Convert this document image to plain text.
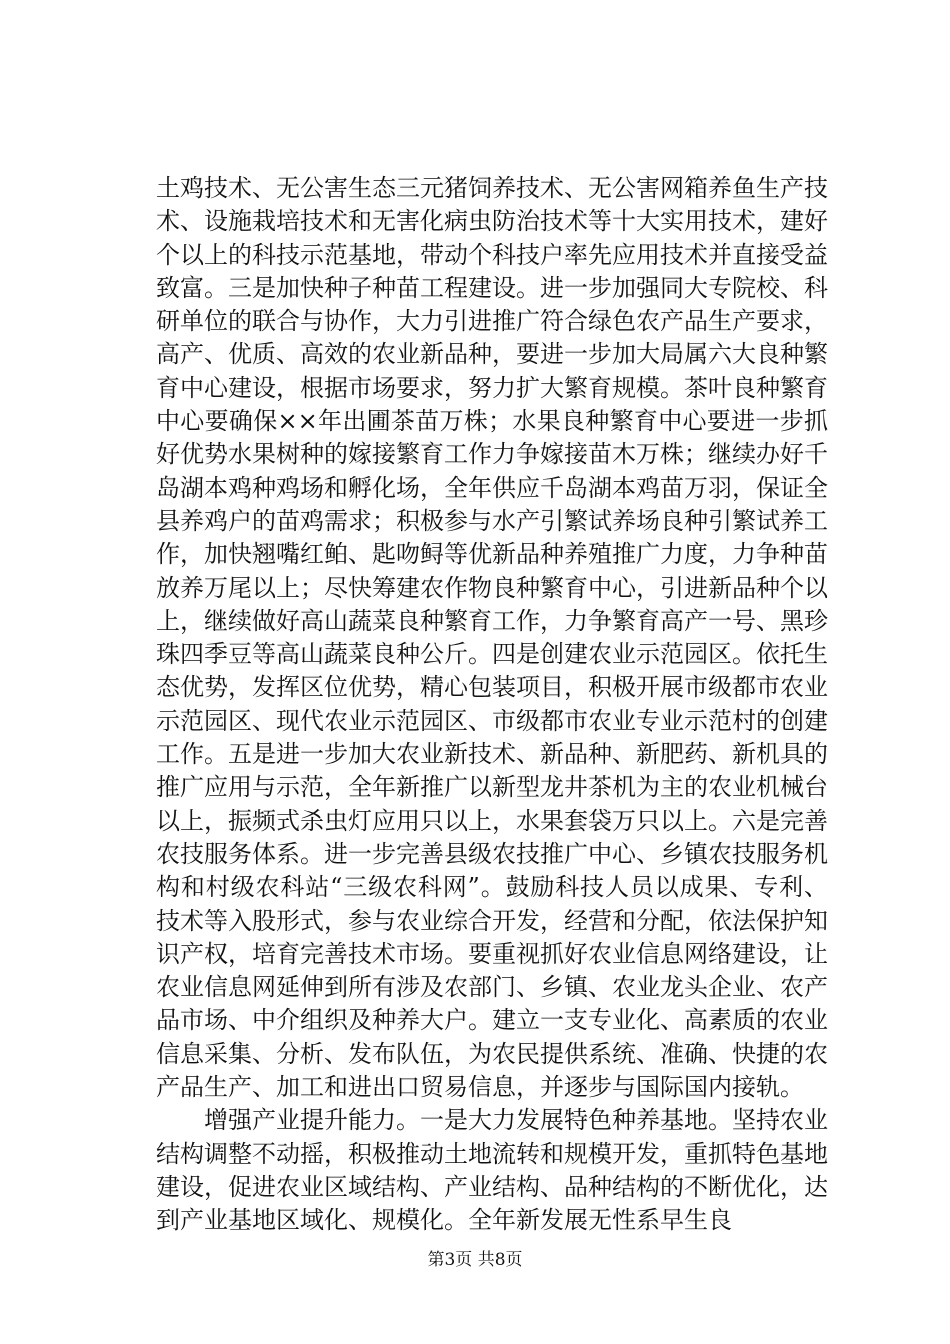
土鸡技术、无公害生态三元猪饲养技术、无公害网箱养鱼生产技术、设施栽培技术和无害化病虫防治技术等十大实用技术，建好个以上的科技示范基地，带动个科技户率先应用技术并直接受益致富。三是加快种子种苗工程建设。进一步加强同大专院校、科研单位的联合与协作，大力引进推广符合绿色农产品生产要求，高产、优质、高效的农业新品种，要进一步加大局属六大良种繁育中心建设，根据市场要求，努力扩大繁育规模。茶叶良种繁育中心要确保××年出圃茶苗万株；水果良种繁育中心要进一步抓好优势水果树种的嫁接繁育工作力争嫁接苗木万株；继续办好千岛湖本鸡种鸡场和孵化场，全年供应千岛湖本鸡苗万羽，保证全县养鸡户的苗鸡需求；积极参与水产引繁试养场良种引繁试养工作，加快翘嘴红鲌、匙吻鲟等优新品种养殖推广力度，力争种苗放养万尾以上；尽快筹建农作物良种繁育中心，引进新品种个以上，继续做好高山蔬菜良种繁育工作，力争繁育高产一号、黑珍珠四季豆等高山蔬菜良种公斤。四是创建农业示范园区。依托生态优势，发挥区位优势，精心包装项目，积极开展市级都市农业示范园区、现代农业示范园区、市级都市农业专业示范村的创建工作。五是进一步加大农业新技术、新品种、新肥药、新机具的推广应用与示范，全年新推广以新型龙井茶机为主的农业机械台以上，振频式杀虫灯应用只以上，水果套袋万只以上。六是完善农技服务体系。进一步完善县级农技推广中心、乡镇农技服务机构和村级农科站“三级农科网”。鼓励科技人员以成果、专利、技术等入股形式，参与农业综合开发，经营和分配，依法保护知识产权，培育完善技术市场。要重视抓好农业信息网络建设，让农业信息网延伸到所有涉及农部门、乡镇、农业龙头企业、农产品市场、中介组织及种养大户。建立一支专业化、高素质的农业信息采集、分析、发布队伍，为农民提供系统、准确、快捷的农产品生产、加工和进出口贸易信息，并逐步与国际国内接轨。

增强产业提升能力。一是大力发展特色种养基地。坚持农业结构调整不动摇，积极推动土地流转和规模开发，重抓特色基地建设，促进农业区域结构、产业结构、品种结构的不断优化，达到产业基地区域化、规模化。全年新发展无性系早生良

第3页 共8页
